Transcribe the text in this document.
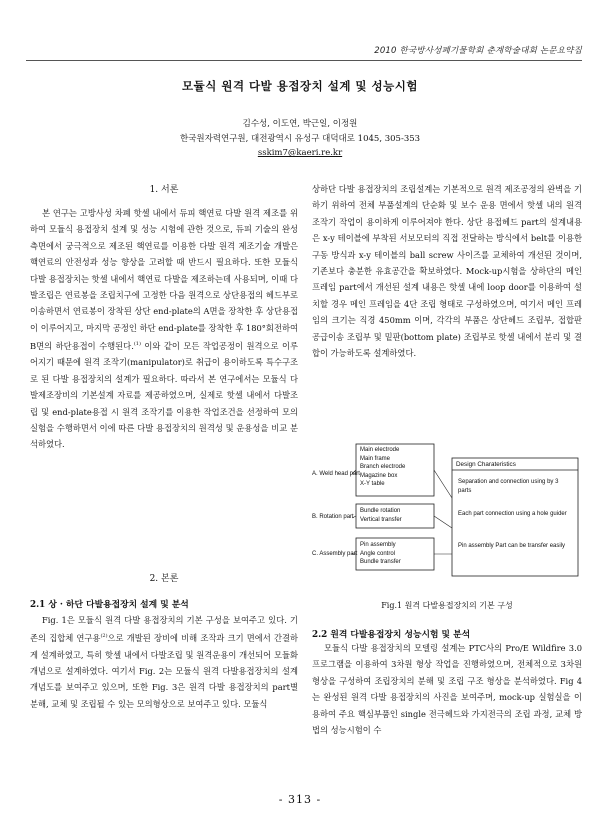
2010 한국방사성폐기물학회 춘계학술대회 논문요약집
모듈식 원격 다발 용접장치 설계 및 성능시험
김수성, 이도연, 박근일, 이정원
한국원자력연구원, 대전광역시 유성구 대덕대로 1045, 305-353
sskim7@kaeri.re.kr
1. 서론

본 연구는 고방사성 차폐 핫셀 내에서 듀피 핵연료 다발 원격 제조를 위하여 모듈식 용접장치 설계 및 성능 시험에 관한 것으로, 듀피 기술의 완성 측면에서 궁극적으로 제조된 핵연료를 이용한 다발 원격 제조기술 개발은 핵연료의 안전성과 성능 향상을 고려할 때 반드시 필요하다. 또한 모듈식 다발 용접장치는 핫셀 내에서 핵연료 다발을 제조하는데 사용되며, 이때 다발조립은 연료봉을 조립치구에 고정한 다음 원격으로 상단용접의 헤드부로 이송하면서 연료봉이 장착된 상단 end-plate의 A면을 장착한 후 상단용접이 이루어지고, 마지막 공정인 하단 end-plate를 장착한 후 180°회전하여 B면의 하단용접이 수행된다.$^{(1)}$ 이와 같이 모든 작업공정이 원격으로 이루어지기 때문에 원격 조작기(manipulator)로 취급이 용이하도록 특수구조로 된 다발 용접장치의 설계가 필요하다. 따라서 본 연구에서는 모듈식 다발제조장비의 기본설계 자료를 제공하였으며, 실제로 핫셀 내에서 다발조립 및 end-plate용접 시 원격 조작기를 이용한 작업조건을 선정하여 모의실험을 수행하면서 이에 따른 다발 용접장치의 원격성 및 운용성을 비교 분석하였다.

2. 본론
2.1 상 · 하단 다발용접장치 설계 및 분석

Fig. 1은 모듈식 원격 다발 용접장치의 기본 구성을 보여주고 있다. 기존의 집합체 연구용$^{(2)}$으로 개발된 장비에 비해 조작과 크기 면에서 간결하게 설계하였고, 특히 핫셀 내에서 다발조립 및 원격운용이 개선되어 모듈화 개념으로 설계하였다. 여기서 Fig. 2는 모듈식 원격 다발용접장치의 설계 개념도를 보여주고 있으며, 또한 Fig. 3은 원격 다발 용접장치의 part별 분해, 교체 및 조립될 수 있는 모의형상으로 보여주고 있다. 모듈식

상하단 다발 용접장치의 조립설계는 기본적으로 원격 제조공정의 완벽을 기하기 위하여 전체 부품설계의 단순화 및 보수 운용 면에서 핫셀 내의 원격 조작기 작업이 용이하게 이루어져야 한다. 상단 용접헤드 part의 설계내용은 x-y 테이블에 부착된 서보모터의 직접 전달하는 방식에서 belt를 이용한 구동 방식과 x-y 테이블의 ball screw 사이즈를 교체하여 개선된 것이며, 기존보다 충분한 유효공간을 확보하였다. Mock-up시험을 상하단의 메인 프레임 part에서 개선된 설계 내용은 핫셀 내에 loop door를 이용하여 설치할 경우 메인 프레임을 4단 조립 형태로 구성하였으며, 여기서 메인 프레임의 크기는 직경 450mm 이며, 각각의 부품은 상단헤드 조립부, 접합판 공급이송 조립부 및 밑판(bottom plate) 조립부로 핫셀 내에서 분리 및 결합이 가능하도록 설계하였다.

A. Weld head part
B. Rotation part
C. Assembly part
Main electrode
Main frame
Branch electrode
Magazine box
X-Y table
Bundle rotation
Vertical transfer
Pin assembly
Angle control
Bundle transfer
Design Charateristics
Separation and connection using by 3 parts
Each part connection using a hole guider
Pin assembly Part can be transfer easily
Fig.1 원격 다발용접장치의 기본 구성
2.2 원격 다발용접장치 성능시험 및 분석

모듈식 다발 용접장치의 모델링 설계는 PTC사의 Pro/E Wildfire 3.0 프로그램을 이용하여 3차원 형상 작업을 진행하였으며, 전체적으로 3차원 형상을 구성하여 조립장치의 분해 및 조립 구조 형상을 분석하였다. Fig 4는 완성된 원격 다발 용접장치의 사진을 보여주며, mock-up 실험실을 이용하여 주요 핵심부품인 single 전극헤드와 가지전극의 조립 과정, 교체 방법의 성능시험이 수

- 313 -
